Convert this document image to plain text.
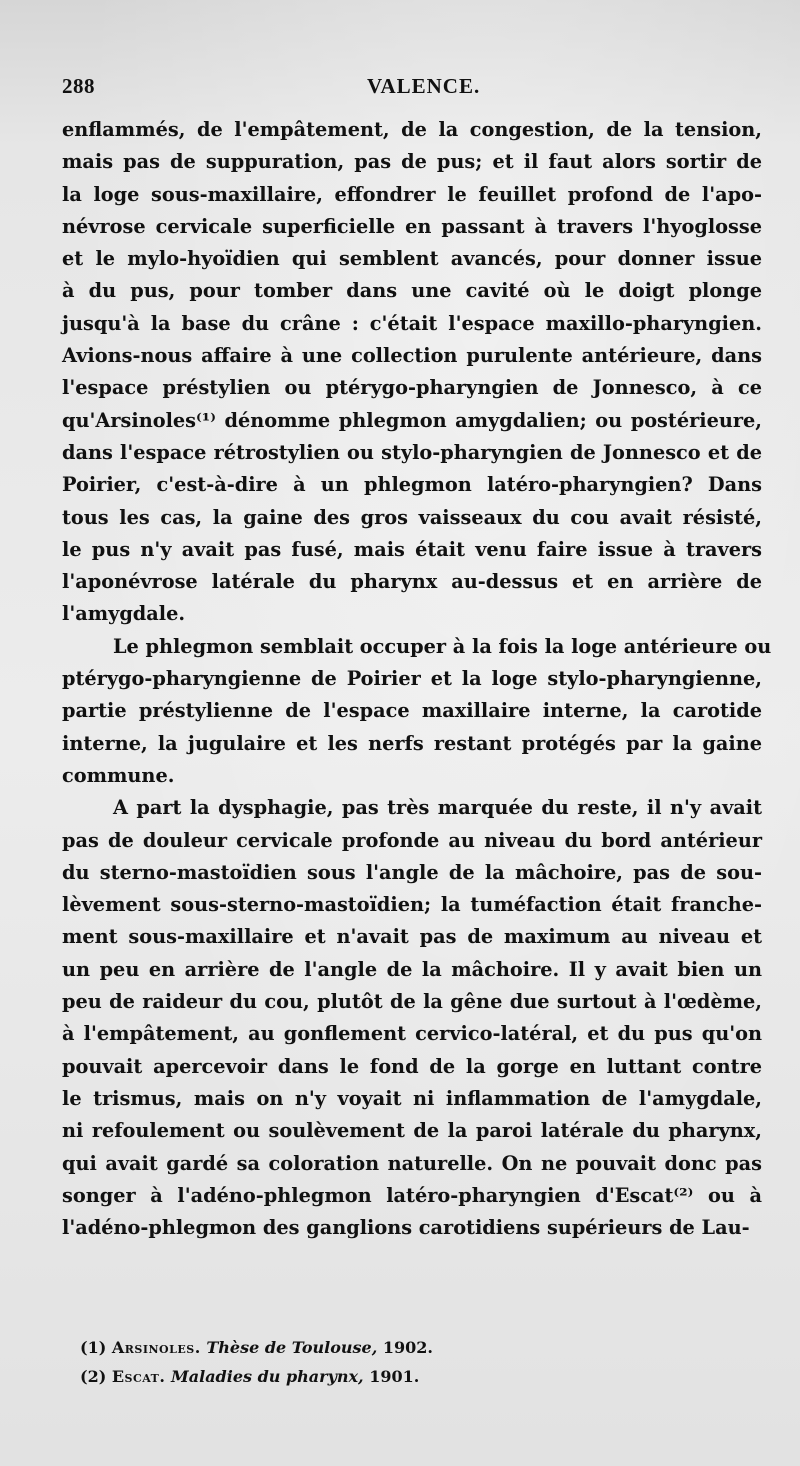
288	VALENCE.
enflammés, de l'empâtement, de la congestion, de la tension,
mais pas de suppuration, pas de pus; et il faut alors sortir de
la loge sous-maxillaire, effondrer le feuillet profond de l'apo-
névrose cervicale superficielle en passant à travers l'hyoglosse
et le mylo-hyoïdien qui semblent avancés, pour donner issue
à du pus, pour tomber dans une cavité où le doigt plonge
jusqu'à la base du crâne : c'était l'espace maxillo-pharyngien.
Avions-nous affaire à une collection purulente antérieure, dans
l'espace préstylien ou ptérygo-pharyngien de Jonnesco, à ce
qu'Arsinoles⁽¹⁾ dénomme phlegmon amygdalien; ou postérieure,
dans l'espace rétrostylien ou stylo-pharyngien de Jonnesco et de
Poirier, c'est-à-dire à un phlegmon latéro-pharyngien? Dans
tous les cas, la gaine des gros vaisseaux du cou avait résisté,
le pus n'y avait pas fusé, mais était venu faire issue à travers
l'aponévrose latérale du pharynx au-dessus et en arrière de
l'amygdale.
Le phlegmon semblait occuper à la fois la loge antérieure ou
ptérygo-pharyngienne de Poirier et la loge stylo-pharyngienne,
partie préstylienne de l'espace maxillaire interne, la carotide
interne, la jugulaire et les nerfs restant protégés par la gaine
commune.
A part la dysphagie, pas très marquée du reste, il n'y avait
pas de douleur cervicale profonde au niveau du bord antérieur
du sterno-mastoïdien sous l'angle de la mâchoire, pas de sou-
lèvement sous-sterno-mastoïdien; la tuméfaction était franche-
ment sous-maxillaire et n'avait pas de maximum au niveau et
un peu en arrière de l'angle de la mâchoire. Il y avait bien un
peu de raideur du cou, plutôt de la gêne due surtout à l'œdème,
à l'empâtement, au gonflement cervico-latéral, et du pus qu'on
pouvait apercevoir dans le fond de la gorge en luttant contre
le trismus, mais on n'y voyait ni inflammation de l'amygdale,
ni refoulement ou soulèvement de la paroi latérale du pharynx,
qui avait gardé sa coloration naturelle. On ne pouvait donc pas
songer à l'adéno-phlegmon latéro-pharyngien d'Escat⁽²⁾ ou à
l'adéno-phlegmon des ganglions carotidiens supérieurs de Lau-
(1) Arsinoles. Thèse de Toulouse, 1902.
(2) Escat. Maladies du pharynx, 1901.
